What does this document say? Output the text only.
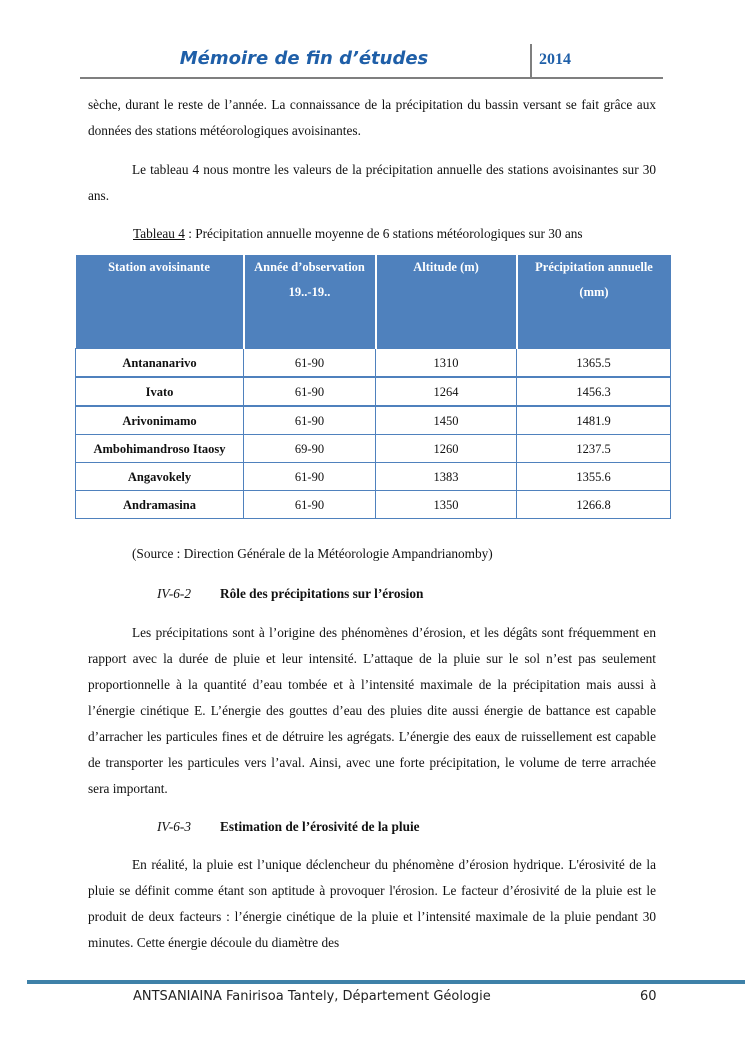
Mémoire de fin d’études	2014

sèche, durant le reste de l’année. La connaissance de la précipitation du bassin versant se fait grâce aux données des stations météorologiques avoisinantes.

Le tableau 4 nous montre les valeurs de la précipitation annuelle des stations avoisinantes sur 30 ans.

Tableau 4 : Précipitation annuelle moyenne de 6 stations météorologiques sur 30 ans
Station avoisinante	Année d’observation 19..-19..	Altitude (m)	Précipitation annuelle (mm)
Antananarivo	61-90	1310	1365.5
Ivato	61-90	1264	1456.3
Arivonimamo	61-90	1450	1481.9
Ambohimandroso Itaosy	69-90	1260	1237.5
Angavokely	61-90	1383	1355.6
Andramasina	61-90	1350	1266.8
(Source : Direction Générale de la Météorologie Ampandrianomby)
IV-6-2 Rôle des précipitations sur l’érosion

Les précipitations sont à l’origine des phénomènes d’érosion, et les dégâts sont fréquemment en rapport avec la durée de pluie et leur intensité. L’attaque de la pluie sur le sol n’est pas seulement proportionnelle à la quantité d’eau tombée et à l’intensité maximale de la précipitation mais aussi à l’énergie cinétique E. L’énergie des gouttes d’eau des pluies dite aussi énergie de battance est capable d’arracher les particules fines et de détruire les agrégats. L’énergie des eaux de ruissellement est capable de transporter les particules vers l’aval. Ainsi, avec une forte précipitation, le volume de terre arrachée sera important.

IV-6-3 Estimation de l’érosivité de la pluie

En réalité, la pluie est l’unique déclencheur du phénomène d’érosion hydrique. L'érosivité de la pluie se définit comme étant son aptitude à provoquer l'érosion. Le facteur d’érosivité de la pluie est le produit de deux facteurs : l’énergie cinétique de la pluie et l’intensité maximale de la pluie pendant 30 minutes. Cette énergie découle du diamètre des

ANTSANIAINA Fanirisoa Tantely, Département Géologie	60
